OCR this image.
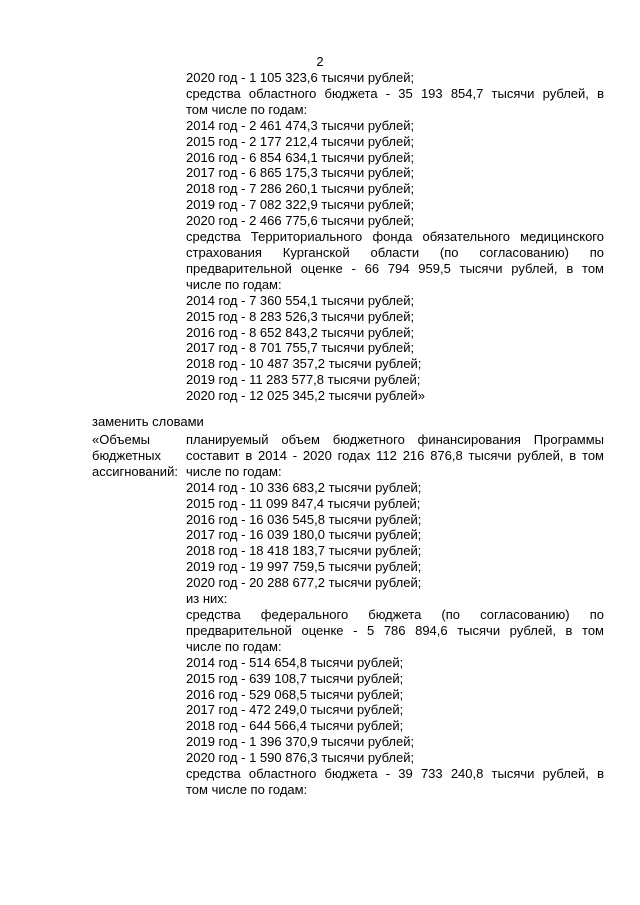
2
2020 год - 1 105 323,6 тысячи рублей;
средства областного бюджета - 35 193 854,7 тысячи рублей, в
том числе по годам:
2014 год - 2 461 474,3 тысячи рублей;
2015 год - 2 177 212,4 тысячи рублей;
2016 год - 6 854 634,1 тысячи рублей;
2017 год - 6 865 175,3 тысячи рублей;
2018 год - 7 286 260,1 тысячи рублей;
2019 год - 7 082 322,9 тысячи рублей;
2020 год - 2 466 775,6 тысячи рублей;
средства Территориального фонда обязательного медицинского
страхования Курганской области (по согласованию) по
предварительной оценке - 66 794 959,5 тысячи рублей, в том
числе по годам:
2014 год - 7 360 554,1 тысячи рублей;
2015 год - 8 283 526,3 тысячи рублей;
2016 год - 8 652 843,2 тысячи рублей;
2017 год - 8 701 755,7 тысячи рублей;
2018 год - 10 487 357,2 тысячи рублей;
2019 год - 11 283 577,8 тысячи рублей;
2020 год - 12 025 345,2 тысячи рублей»
заменить словами
«Объемы
бюджетных
ассигнований:
планируемый объем бюджетного финансирования Программы
составит в 2014 - 2020 годах 112 216 876,8 тысячи рублей, в том
числе по годам:
2014 год - 10 336 683,2 тысячи рублей;
2015 год - 11 099 847,4 тысячи рублей;
2016 год - 16 036 545,8 тысячи рублей;
2017 год - 16 039 180,0 тысячи рублей;
2018 год - 18 418 183,7 тысячи рублей;
2019 год - 19 997 759,5 тысячи рублей;
2020 год - 20 288 677,2 тысячи рублей;
из них:
средства федерального бюджета (по согласованию) по
предварительной оценке - 5 786 894,6 тысячи рублей, в том
числе по годам:
2014 год - 514 654,8 тысячи рублей;
2015 год - 639 108,7 тысячи рублей;
2016 год - 529 068,5 тысячи рублей;
2017 год - 472 249,0 тысячи рублей;
2018 год - 644 566,4 тысячи рублей;
2019 год - 1 396 370,9 тысячи рублей;
2020 год - 1 590 876,3 тысячи рублей;
средства областного бюджета - 39 733 240,8 тысячи рублей, в
том числе по годам:
